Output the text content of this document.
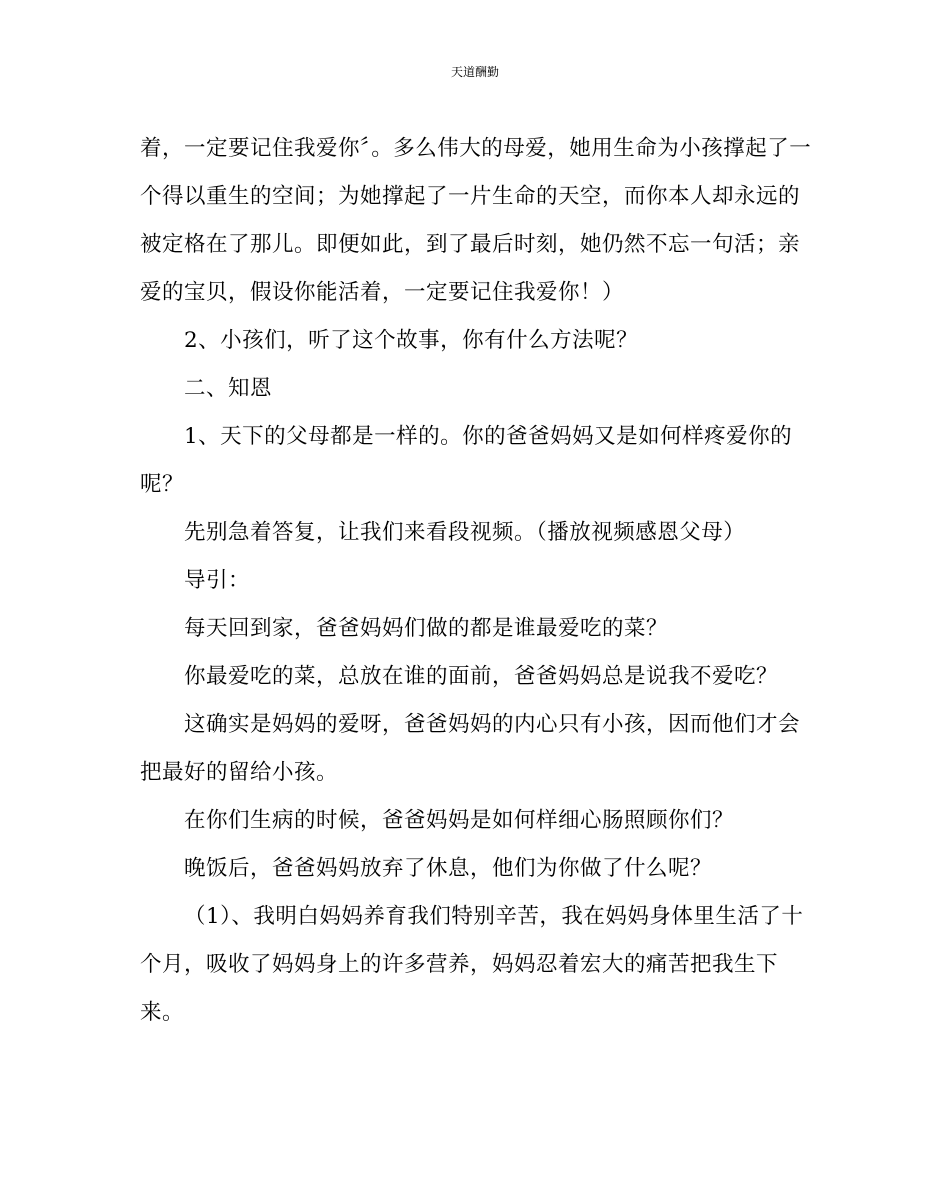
天道酬勤

着，一定要记住我爱你〞。多么伟大的母爱，她用生命为小孩撑起了一个得以重生的空间；为她撑起了一片生命的天空，而你本人却永远的被定格在了那儿。即便如此，到了最后时刻，她仍然不忘一句活；亲爱的宝贝，假设你能活着，一定要记住我爱你！）

2、小孩们，听了这个故事，你有什么方法呢？

二、知恩

1、天下的父母都是一样的。你的爸爸妈妈又是如何样疼爱你的呢？

先别急着答复，让我们来看段视频。（播放视频感恩父母）

导引：

每天回到家，爸爸妈妈们做的都是谁最爱吃的菜？

你最爱吃的菜，总放在谁的面前，爸爸妈妈总是说我不爱吃？

这确实是妈妈的爱呀，爸爸妈妈的内心只有小孩，因而他们才会把最好的留给小孩。

在你们生病的时候，爸爸妈妈是如何样细心肠照顾你们？

晚饭后，爸爸妈妈放弃了休息，他们为你做了什么呢？

（1）、我明白妈妈养育我们特别辛苦，我在妈妈身体里生活了十个月，吸收了妈妈身上的许多营养，妈妈忍着宏大的痛苦把我生下来。
